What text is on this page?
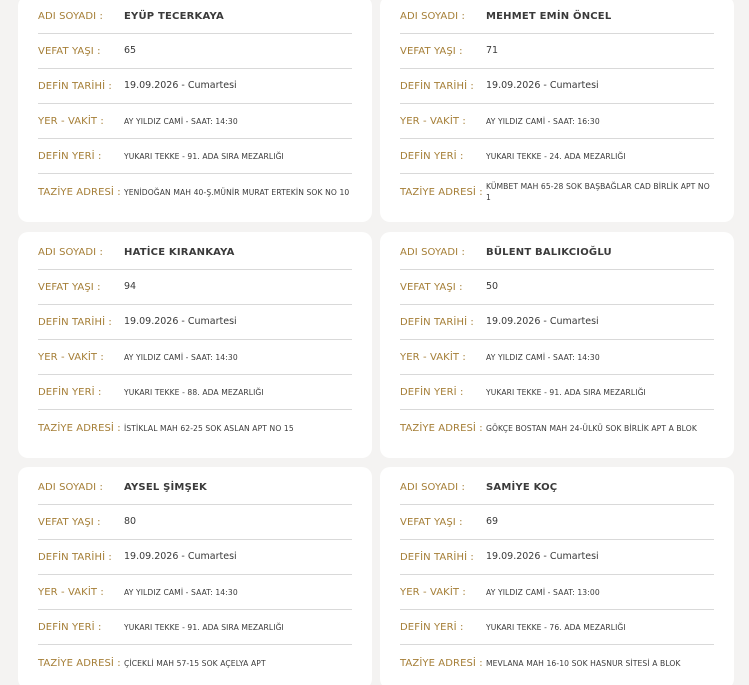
ADI SOYADI :	EYÜP TECERKAYA
VEFAT YAŞI :	65
DEFİN TARİHİ :	19.09.2026 - Cumartesi
YER - VAKİT :	AY YILDIZ CAMİ - SAAT: 14:30
DEFİN YERİ :	YUKARI TEKKE - 91. ADA SIRA MEZARLIĞI
TAZİYE ADRESİ : YENİDOĞAN MAH 40-Ş.MÜNİR MURAT ERTEKİN SOK NO 10
ADI SOYADI :	MEHMET EMİN ÖNCEL
VEFAT YAŞI :	71
DEFİN TARİHİ :	19.09.2026 - Cumartesi
YER - VAKİT :	AY YILDIZ CAMİ - SAAT: 16:30
DEFİN YERİ :	YUKARI TEKKE - 24. ADA MEZARLIĞI
TAZİYE ADRESİ : KÜMBET MAH 65-28 SOK BAŞBAĞLAR CAD BİRLİK APT NO 1
ADI SOYADI :	HATİCE KIRANKAYA
VEFAT YAŞI :	94
DEFİN TARİHİ :	19.09.2026 - Cumartesi
YER - VAKİT :	AY YILDIZ CAMİ - SAAT: 14:30
DEFİN YERİ :	YUKARI TEKKE - 88. ADA MEZARLIĞI
TAZİYE ADRESİ : İSTİKLAL MAH 62-25 SOK ASLAN APT NO 15
ADI SOYADI :	BÜLENT BALIKCIOĞLU
VEFAT YAŞI :	50
DEFİN TARİHİ :	19.09.2026 - Cumartesi
YER - VAKİT :	AY YILDIZ CAMİ - SAAT: 14:30
DEFİN YERİ :	YUKARI TEKKE - 91. ADA SIRA MEZARLIĞI
TAZİYE ADRESİ : GÖKÇE BOSTAN MAH 24-ÜLKÜ SOK BİRLİK APT A BLOK
ADI SOYADI :	AYSEL ŞİMŞEK
VEFAT YAŞI :	80
DEFİN TARİHİ :	19.09.2026 - Cumartesi
YER - VAKİT :	AY YILDIZ CAMİ - SAAT: 14:30
DEFİN YERİ :	YUKARI TEKKE - 91. ADA SIRA MEZARLIĞI
TAZİYE ADRESİ : ÇİCEKLİ MAH 57-15 SOK AÇELYA APT
ADI SOYADI :	SAMİYE KOÇ
VEFAT YAŞI :	69
DEFİN TARİHİ :	19.09.2026 - Cumartesi
YER - VAKİT :	AY YILDIZ CAMİ - SAAT: 13:00
DEFİN YERİ :	YUKARI TEKKE - 76. ADA MEZARLIĞI
TAZİYE ADRESİ : MEVLANA MAH 16-10 SOK HASNUR SİTESİ A BLOK
